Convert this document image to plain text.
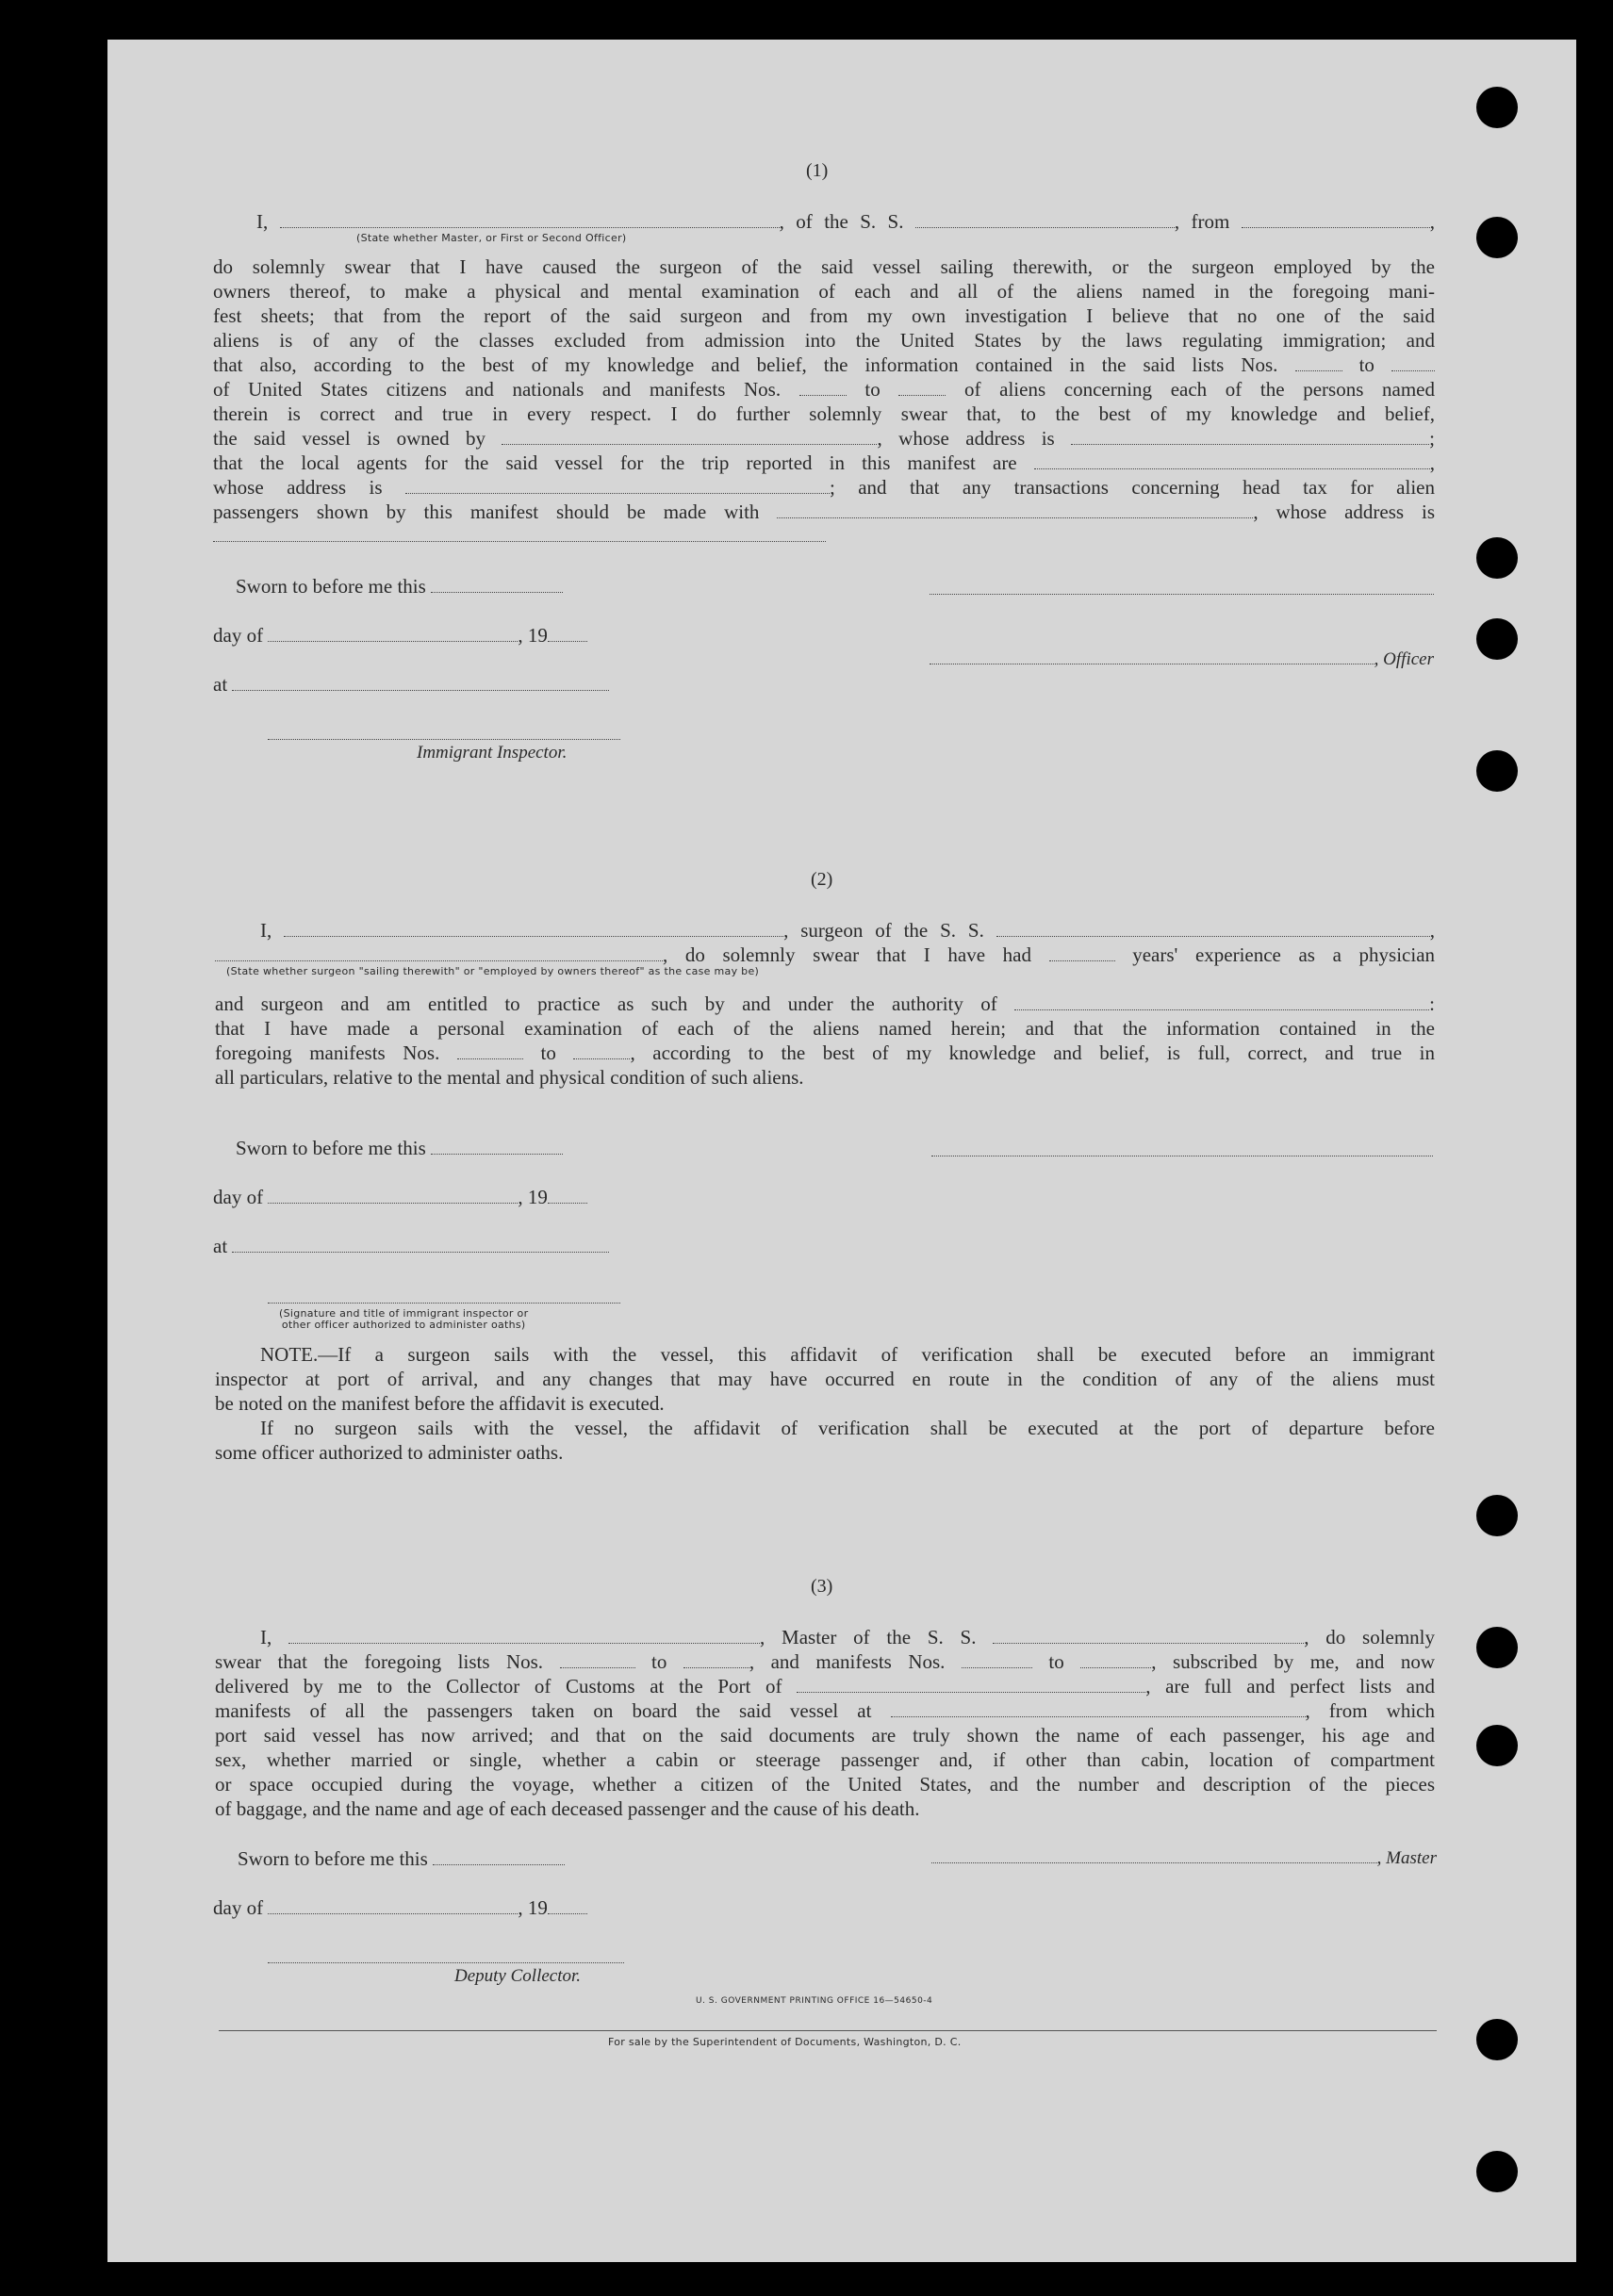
(1)
I,	, of the S. S.	, from	,
(State whether Master, or First or Second Officer)
do solemnly swear that I have caused the surgeon of the said vessel sailing therewith, or the surgeon employed by the
owners thereof, to make a physical and mental examination of each and all of the aliens named in the foregoing mani-
fest sheets; that from the report of the said surgeon and from my own investigation I believe that no one of the said
aliens is of any of the classes excluded from admission into the United States by the laws regulating immigration; and
that also, according to the best of my knowledge and belief, the information contained in the said lists Nos.	to
of United States citizens and nationals and manifests Nos.	to	of aliens concerning each of the persons named
therein is correct and true in every respect. I do further solemnly swear that, to the best of my knowledge and belief,
the said vessel is owned by	, whose address is	;
that the local agents for the said vessel for the trip reported in this manifest are	,
whose address is	; and that any transactions concerning head tax for alien
passengers shown by this manifest should be made with	, whose address is
Sworn to before me this
day of	, 19
, Officer
at
Immigrant Inspector.
(2)
I,	, surgeon of the S. S.	,
, do solemnly swear that I have had	years' experience as a physician
(State whether surgeon "sailing therewith" or "employed by owners thereof" as the case may be)
and surgeon and am entitled to practice as such by and under the authority of	:
that I have made a personal examination of each of the aliens named herein; and that the information contained in the
foregoing manifests Nos.	to	, according to the best of my knowledge and belief, is full, correct, and true in
all particulars, relative to the mental and physical condition of such aliens.
Sworn to before me this
day of	, 19
at
(Signature and title of immigrant inspector or
other officer authorized to administer oaths)
NOTE.—If a surgeon sails with the vessel, this affidavit of verification shall be executed before an immigrant
inspector at port of arrival, and any changes that may have occurred en route in the condition of any of the aliens must
be noted on the manifest before the affidavit is executed.
If no surgeon sails with the vessel, the affidavit of verification shall be executed at the port of departure before
some officer authorized to administer oaths.
(3)
I,	, Master of the S. S.	, do solemnly
swear that the foregoing lists Nos.	to	, and manifests Nos.	to	, subscribed by me, and now
delivered by me to the Collector of Customs at the Port of	, are full and perfect lists and
manifests of all the passengers taken on board the said vessel at	, from which
port said vessel has now arrived; and that on the said documents are truly shown the name of each passenger, his age and
sex, whether married or single, whether a cabin or steerage passenger and, if other than cabin, location of compartment
or space occupied during the voyage, whether a citizen of the United States, and the number and description of the pieces
of baggage, and the name and age of each deceased passenger and the cause of his death.
Sworn to before me this	, Master
day of	, 19
Deputy Collector.
U. S. GOVERNMENT PRINTING OFFICE 16—54650-4
For sale by the Superintendent of Documents, Washington, D. C.
